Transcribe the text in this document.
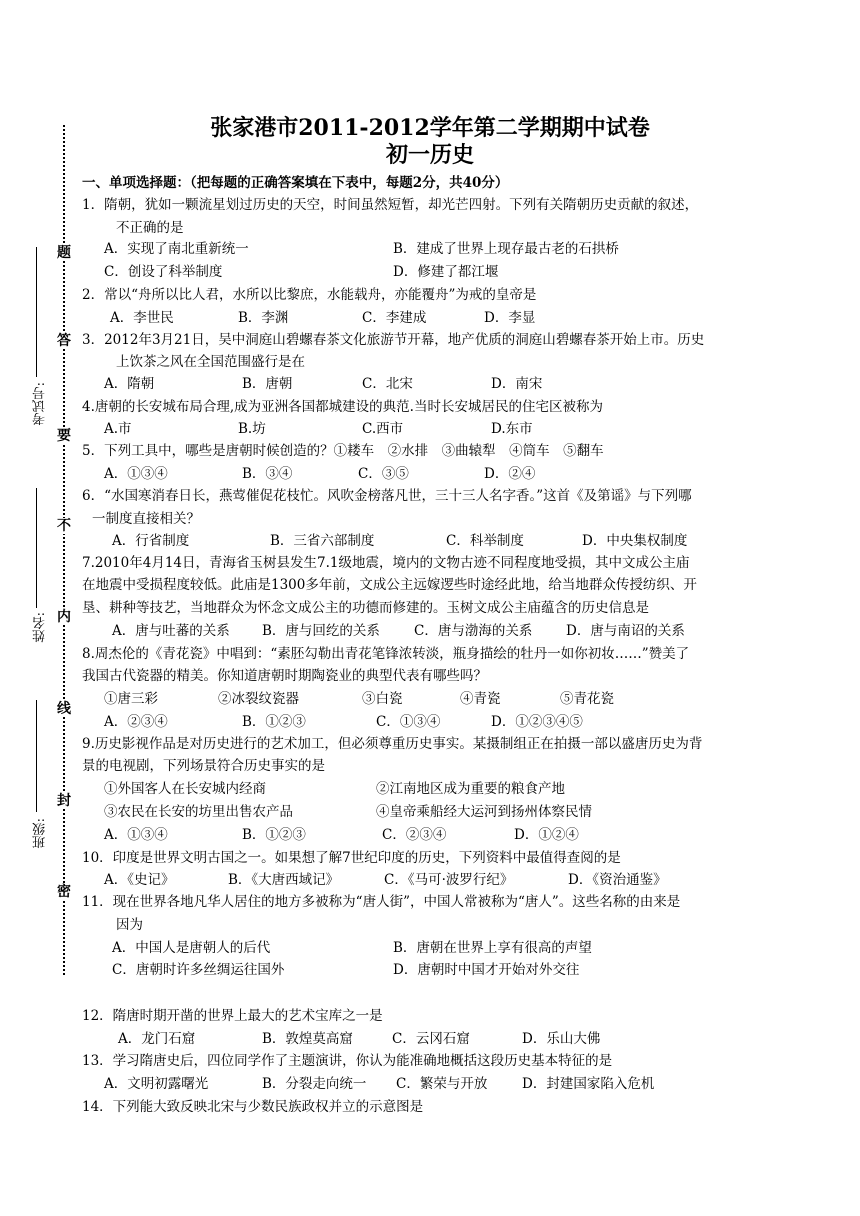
题
答
要
不
内
线
封
密
考试号:
姓名:
班级:
张家港市2011-2012学年第二学期期中试卷
初一历史
一、单项选择题：（把每题的正确答案填在下表中，每题2分，共40分）
1．隋朝，犹如一颗流星划过历史的天空，时间虽然短暂，却光芒四射。下列有关隋朝历史贡献的叙述，
不正确的是
A．实现了南北重新统一	B．建成了世界上现存最古老的石拱桥
C．创设了科举制度	D．修建了都江堰
2．常以“舟所以比人君，水所以比黎庶，水能载舟，亦能覆舟”为戒的皇帝是
A．李世民	B．李渊	C．李建成	D．李显
3．2012年3月21日，吴中洞庭山碧螺春茶文化旅游节开幕，地产优质的洞庭山碧螺春茶开始上市。历史
上饮茶之风在全国范围盛行是在
A．隋朝	B．唐朝	C．北宋	D．南宋
4.唐朝的长安城布局合理,成为亚洲各国都城建设的典范.当时长安城居民的住宅区被称为
A.市	B.坊	C.西市	D.东市
5．下列工具中，哪些是唐朝时候创造的？①耧车　②水排　③曲辕犁　④筒车　⑤翻车
A．①③④	B．③④	C．③⑤	D．②④
6．“水国寒消春日长，燕莺催促花枝忙。风吹金榜落凡世，三十三人名字香。”这首《及第谣》与下列哪
一制度直接相关？
A．行省制度	B．三省六部制度	C．科举制度	D．中央集权制度
7.2010年4月14日，青海省玉树县发生7.1级地震，境内的文物古迹不同程度地受损，其中文成公主庙
在地震中受损程度较低。此庙是1300多年前，文成公主远嫁逻些时途经此地，给当地群众传授纺织、开
垦、耕种等技艺，当地群众为怀念文成公主的功德而修建的。玉树文成公主庙蕴含的历史信息是
A．唐与吐蕃的关系 B．唐与回纥的关系	C．唐与渤海的关系 D．唐与南诏的关系
8.周杰伦的《青花瓷》中唱到：“素胚勾勒出青花笔锋浓转淡，瓶身描绘的牡丹一如你初妆……”赞美了
我国古代瓷器的精美。你知道唐朝时期陶瓷业的典型代表有哪些吗？
①唐三彩	②冰裂纹瓷器	③白瓷	④青瓷	⑤青花瓷
A．②③④	B．①②③	C．①③④	D．①②③④⑤
9.历史影视作品是对历史进行的艺术加工，但必须尊重历史事实。某摄制组正在拍摄一部以盛唐历史为背
景的电视剧，下列场景符合历史事实的是
①外国客人在长安城内经商	②江南地区成为重要的粮食产地
③农民在长安的坊里出售农产品	④皇帝乘船经大运河到扬州体察民情
A．①③④	B．①②③	C．②③④	D．①②④
10．印度是世界文明古国之一。如果想了解7世纪印度的历史，下列资料中最值得查阅的是
A．《史记》	B．《大唐西域记》	C．《马可·波罗行纪》	D．《资治通鉴》
11．现在世界各地凡华人居住的地方多被称为“唐人街”，中国人常被称为“唐人”。这些名称的由来是
因为
A．中国人是唐朝人的后代	B．唐朝在世界上享有很高的声望
C．唐朝时许多丝绸运往国外	D．唐朝时中国才开始对外交往
12．隋唐时期开凿的世界上最大的艺术宝库之一是
A．龙门石窟	B．敦煌莫高窟	C．云冈石窟	D．乐山大佛
13．学习隋唐史后，四位同学作了主题演讲，你认为能准确地概括这段历史基本特征的是
A．文明初露曙光	B．分裂走向统一 C．繁荣与开放	D．封建国家陷入危机
14．下列能大致反映北宋与少数民族政权并立的示意图是
